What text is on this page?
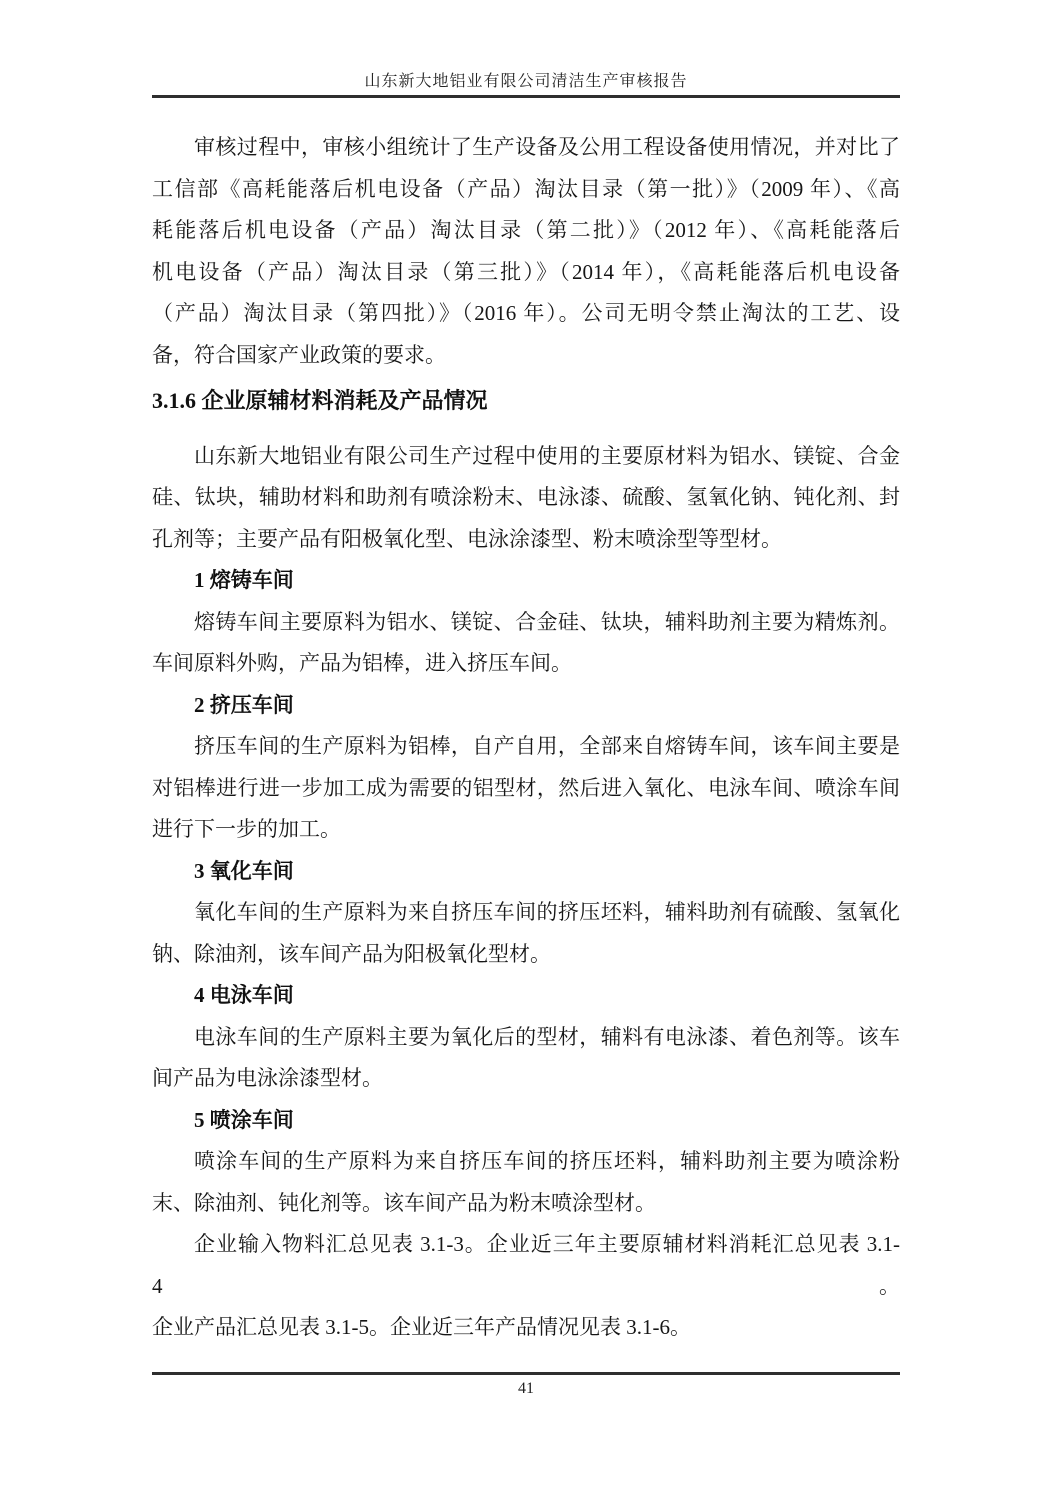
山东新大地铝业有限公司清洁生产审核报告
审核过程中，审核小组统计了生产设备及公用工程设备使用情况，并对比了
工信部《高耗能落后机电设备（产品）淘汰目录（第一批）》（2009 年）、《高
耗能落后机电设备（产品）淘汰目录（第二批）》（2012 年）、《高耗能落后
机电设备（产品）淘汰目录（第三批）》（2014 年），《高耗能落后机电设备
（产品）淘汰目录（第四批）》（2016 年）。公司无明令禁止淘汰的工艺、设
备，符合国家产业政策的要求。
3.1.6 企业原辅材料消耗及产品情况
山东新大地铝业有限公司生产过程中使用的主要原材料为铝水、镁锭、合金
硅、钛块，辅助材料和助剂有喷涂粉末、电泳漆、硫酸、氢氧化钠、钝化剂、封
孔剂等；主要产品有阳极氧化型、电泳涂漆型、粉末喷涂型等型材。
1 熔铸车间
熔铸车间主要原料为铝水、镁锭、合金硅、钛块，辅料助剂主要为精炼剂。
车间原料外购，产品为铝棒，进入挤压车间。
2 挤压车间
挤压车间的生产原料为铝棒，自产自用，全部来自熔铸车间，该车间主要是
对铝棒进行进一步加工成为需要的铝型材，然后进入氧化、电泳车间、喷涂车间
进行下一步的加工。
3 氧化车间
氧化车间的生产原料为来自挤压车间的挤压坯料，辅料助剂有硫酸、氢氧化
钠、除油剂，该车间产品为阳极氧化型材。
4 电泳车间
电泳车间的生产原料主要为氧化后的型材，辅料有电泳漆、着色剂等。该车
间产品为电泳涂漆型材。
5 喷涂车间
喷涂车间的生产原料为来自挤压车间的挤压坯料，辅料助剂主要为喷涂粉
末、除油剂、钝化剂等。该车间产品为粉末喷涂型材。
企业输入物料汇总见表 3.1-3。企业近三年主要原辅材料消耗汇总见表 3.1-4。
企业产品汇总见表 3.1-5。企业近三年产品情况见表 3.1-6。
41
